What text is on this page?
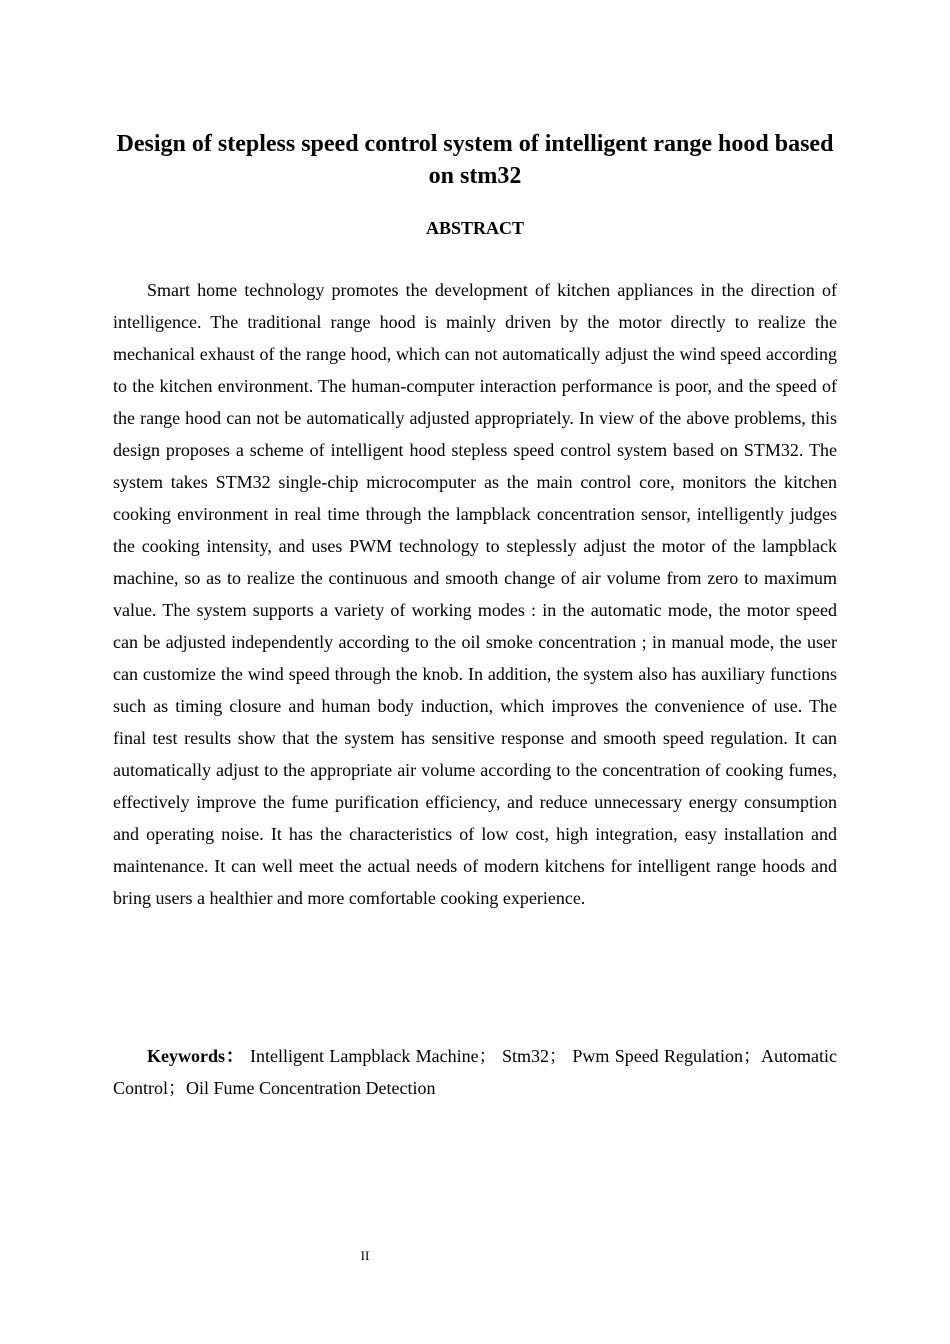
Design of stepless speed control system of intelligent range hood based on stm32
ABSTRACT

Smart home technology promotes the development of kitchen appliances in the direction of intelligence. The traditional range hood is mainly driven by the motor directly to realize the mechanical exhaust of the range hood, which can not automatically adjust the wind speed according to the kitchen environment. The human-computer interaction performance is poor, and the speed of the range hood can not be automatically adjusted appropriately. In view of the above problems, this design proposes a scheme of intelligent hood stepless speed control system based on STM32. The system takes STM32 single-chip microcomputer as the main control core, monitors the kitchen cooking environment in real time through the lampblack concentration sensor, intelligently judges the cooking intensity, and uses PWM technology to steplessly adjust the motor of the lampblack machine, so as to realize the continuous and smooth change of air volume from zero to maximum value. The system supports a variety of working modes : in the automatic mode, the motor speed can be adjusted independently according to the oil smoke concentration ; in manual mode, the user can customize the wind speed through the knob. In addition, the system also has auxiliary functions such as timing closure and human body induction, which improves the convenience of use. The final test results show that the system has sensitive response and smooth speed regulation. It can automatically adjust to the appropriate air volume according to the concentration of cooking fumes, effectively improve the fume purification efficiency, and reduce unnecessary energy consumption and operating noise. It has the characteristics of low cost, high integration, easy installation and maintenance. It can well meet the actual needs of modern kitchens for intelligent range hoods and bring users a healthier and more comfortable cooking experience.

Keywords： Intelligent Lampblack Machine； Stm32； Pwm Speed Regulation；Automatic Control；Oil Fume Concentration Detection

II
